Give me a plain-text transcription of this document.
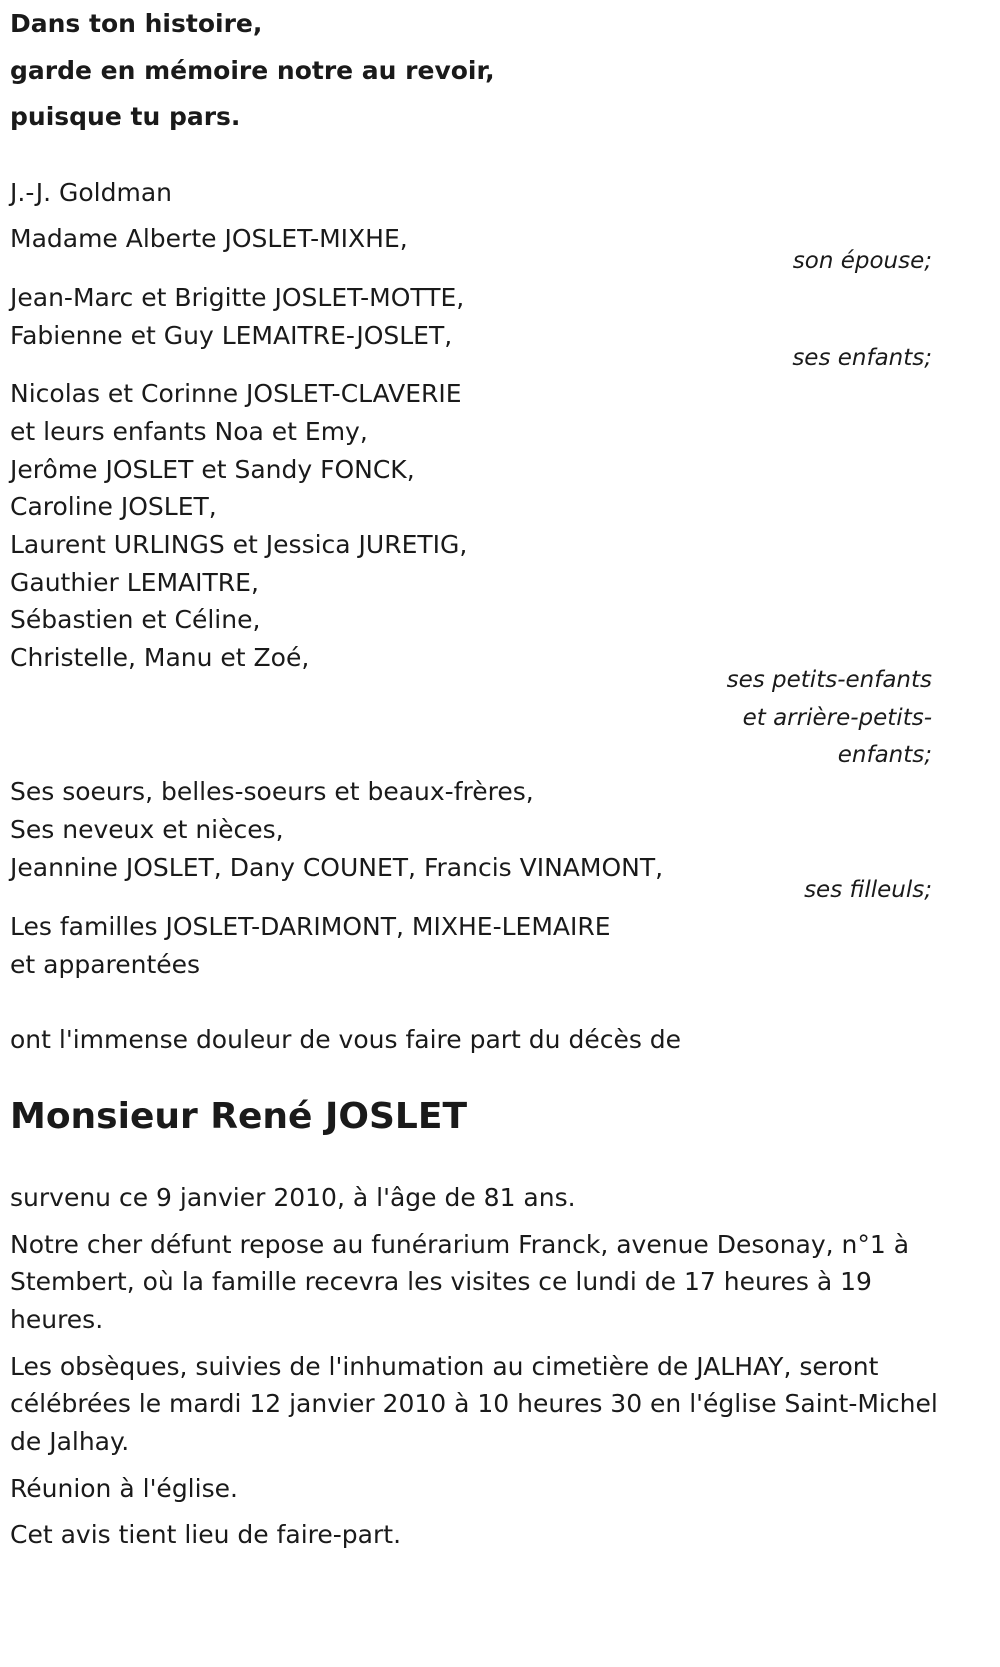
Dans ton histoire,

garde en mémoire notre au revoir,

puisque tu pars.

J.-J. Goldman

Madame Alberte JOSLET-MIXHE,

son épouse;

Jean-Marc et Brigitte JOSLET-MOTTE,

Fabienne et Guy LEMAITRE-JOSLET,

ses enfants;

Nicolas et Corinne JOSLET-CLAVERIE

et leurs enfants Noa et Emy,

Jerôme JOSLET et Sandy FONCK,

Caroline JOSLET,

Laurent URLINGS et Jessica JURETIG,

Gauthier LEMAITRE,

Sébastien et Céline,

Christelle, Manu et Zoé,

ses petits-enfants

et arrière-petits-

enfants;

Ses soeurs, belles-soeurs et beaux-frères,

Ses neveux et nièces,

Jeannine JOSLET, Dany COUNET, Francis VINAMONT,

ses filleuls;

Les familles JOSLET-DARIMONT, MIXHE-LEMAIRE

et apparentées

ont l'immense douleur de vous faire part du décès de

Monsieur René JOSLET

survenu ce 9 janvier 2010, à l'âge de 81 ans.

Notre cher défunt repose au funérarium Franck, avenue Desonay, n°1 à

Stembert, où la famille recevra les visites ce lundi de 17 heures à 19

heures.

Les obsèques, suivies de l'inhumation au cimetière de JALHAY, seront

célébrées le mardi 12 janvier 2010 à 10 heures 30 en l'église Saint-Michel

de Jalhay.

Réunion à l'église.

Cet avis tient lieu de faire-part.
